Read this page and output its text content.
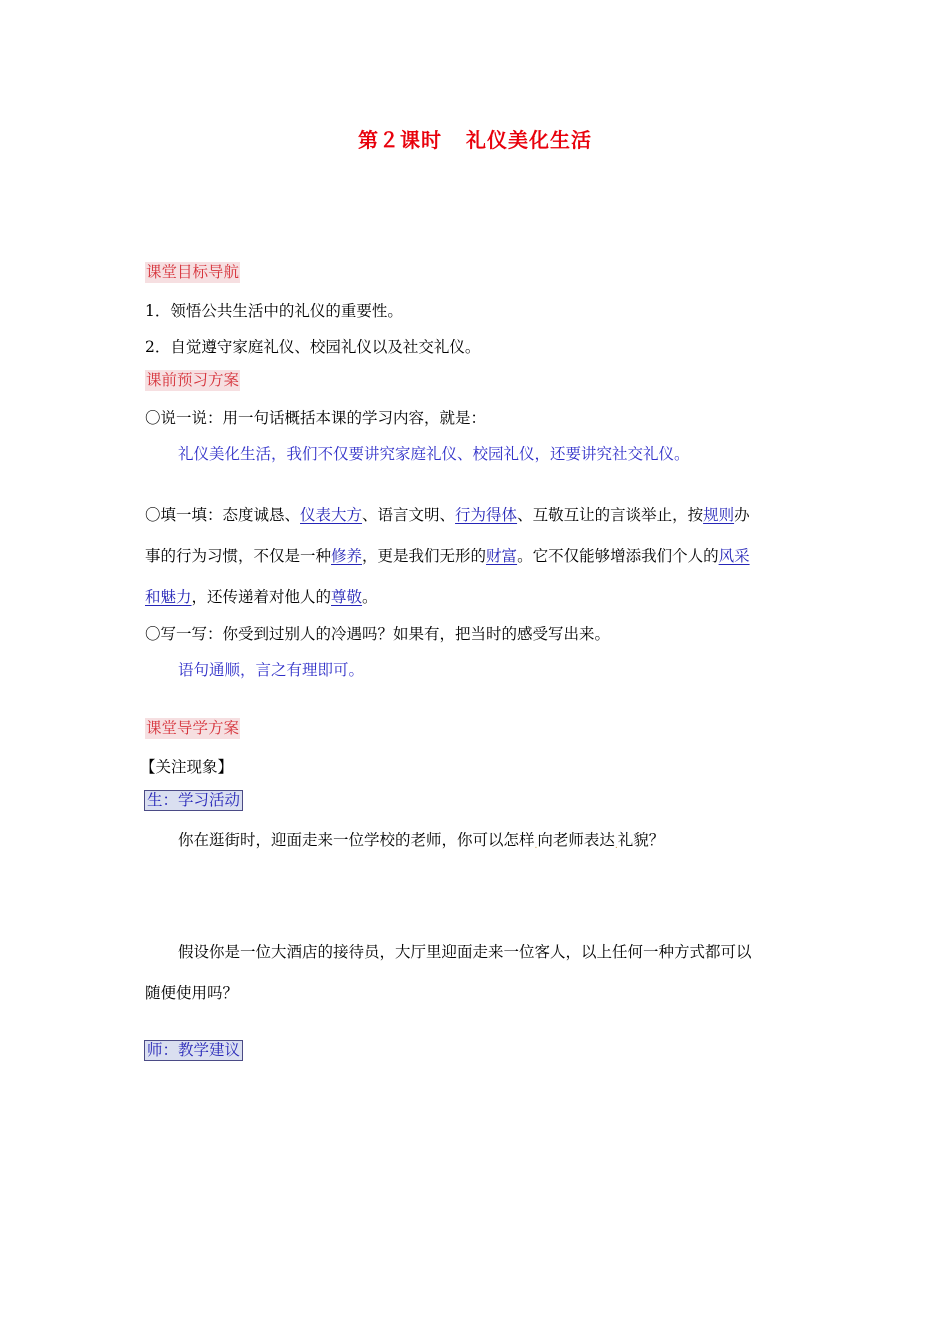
第２课时 礼仪美化生活
课堂目标导航
1．领悟公共生活中的礼仪的重要性。
2．自觉遵守家庭礼仪、校园礼仪以及社交礼仪。
课前预习方案
〇说一说：用一句话概括本课的学习内容，就是：
礼仪美化生活，我们不仅要讲究家庭礼仪、校园礼仪，还要讲究社交礼仪。
〇填一填：态度诚恳、仪表大方、语言文明、行为得体、互敬互让的言谈举止，按规则办
事的行为习惯，不仅是一种修养，更是我们无形的财富。它不仅能够增添我们个人的风采
和魅力，还传递着对他人的尊敬。
〇写一写：你受到过别人的冷遇吗？如果有，把当时的感受写出来。
语句通顺，言之有理即可。
课堂导学方案
【关注现象】
生：学习活动
你在逛街时，迎面走来一位学校的老师，你可以怎样.向老师表达.礼貌？
假设你是一位大酒店的接待员，大厅里迎面走来一位客人，以上任何一种方式都可以
随便使用吗？
师：教学建议
